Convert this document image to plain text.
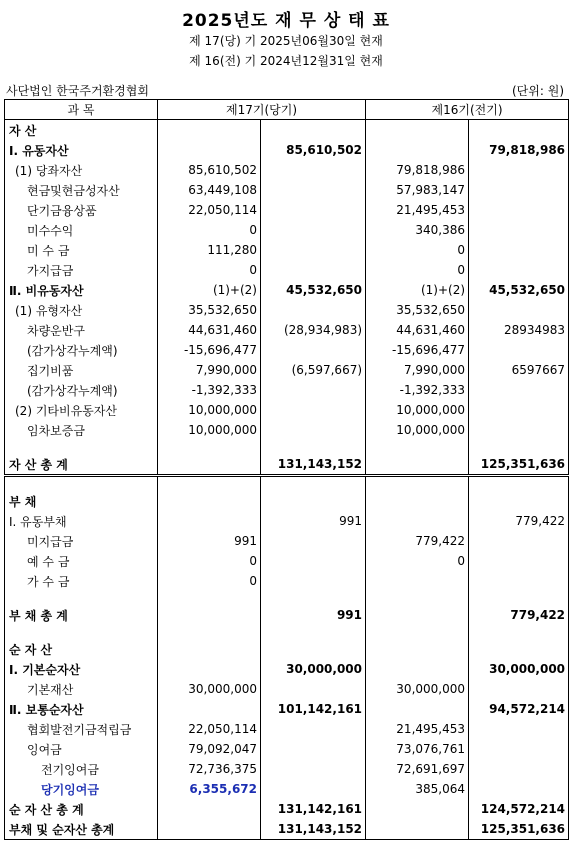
2025년도 재 무 상 태 표
제 17(당) 기 2025년06월30일 현재
제 16(전) 기 2024년12월31일 현재
사단법인 한국주거환경협회	(단위: 원)
과 목	제17기(당기)		제16기(전기)	
자 산				
Ⅰ. 유동자산		85,610,502		79,818,986
(1) 당좌자산	85,610,502		79,818,986	
현금및현금성자산	63,449,108		57,983,147	
단기금융상품	22,050,114		21,495,453	
미수수익	0		340,386	
미 수 금	111,280		0	
가지급금	0		0	
Ⅱ. 비유동자산	(1)+(2)	45,532,650	(1)+(2)	45,532,650
(1) 유형자산	35,532,650		35,532,650	
차량운반구	44,631,460	(28,934,983)	44,631,460	28934983
(감가상각누계액)	-15,696,477		-15,696,477	
집기비품	7,990,000	(6,597,667)	7,990,000	6597667
(감가상각누계액)	-1,392,333		-1,392,333	
(2) 기타비유동자산	10,000,000		10,000,000	
임차보증금	10,000,000		10,000,000	

자 산 총 계		131,143,152		125,351,636

부 채				
Ⅰ. 유동부채		991		779,422
미지급금	991		779,422	
예 수 금	0		0	
가 수 금	0			

부 채 총 계		991		779,422

순 자 산				
Ⅰ. 기본순자산		30,000,000		30,000,000
기본재산	30,000,000		30,000,000	
Ⅱ. 보통순자산		101,142,161		94,572,214
협회발전기금적립금	22,050,114		21,495,453	
잉여금	79,092,047		73,076,761	
전기잉여금	72,736,375		72,691,697	
당기잉여금	6,355,672		385,064	
순 자 산 총 계		131,142,161		124,572,214
부채 및 순자산 총계		131,143,152		125,351,636
